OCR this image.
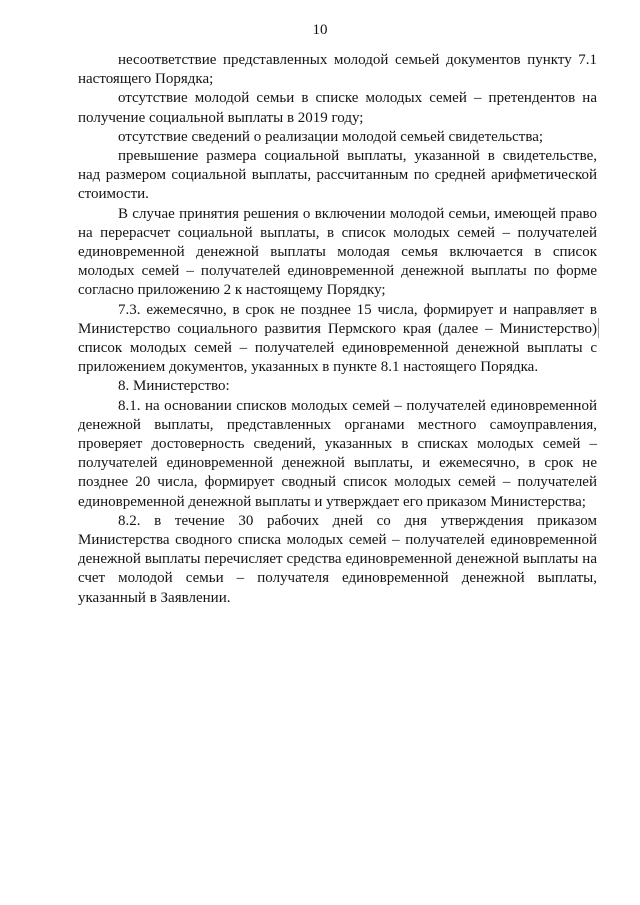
10

несоответствие представленных молодой семьей документов пункту 7.1 настоящего Порядка;

отсутствие молодой семьи в списке молодых семей – претендентов на получение социальной выплаты в 2019 году;

отсутствие сведений о реализации молодой семьей свидетельства;

превышение размера социальной выплаты, указанной в свидетельстве, над размером социальной выплаты, рассчитанным по средней арифметической стоимости.

В случае принятия решения о включении молодой семьи, имеющей право на перерасчет социальной выплаты, в список молодых семей – получателей единовременной денежной выплаты молодая семья включается в список молодых семей – получателей единовременной денежной выплаты по форме согласно приложению 2 к настоящему Порядку;

7.3. ежемесячно, в срок не позднее 15 числа, формирует и направляет в Министерство социального развития Пермского края (далее – Министерство) список молодых семей – получателей единовременной денежной выплаты с приложением документов, указанных в пункте 8.1 настоящего Порядка.

8. Министерство:

8.1. на основании списков молодых семей – получателей единовременной денежной выплаты, представленных органами местного самоуправления, проверяет достоверность сведений, указанных в списках молодых семей – получателей единовременной денежной выплаты, и ежемесячно, в срок не позднее 20 числа, формирует сводный список молодых семей – получателей единовременной денежной выплаты и утверждает его приказом Министерства;

8.2. в течение 30 рабочих дней со дня утверждения приказом Министерства сводного списка молодых семей – получателей единовременной денежной выплаты перечисляет средства единовременной денежной выплаты на счет молодой семьи – получателя единовременной денежной выплаты, указанный в Заявлении.
